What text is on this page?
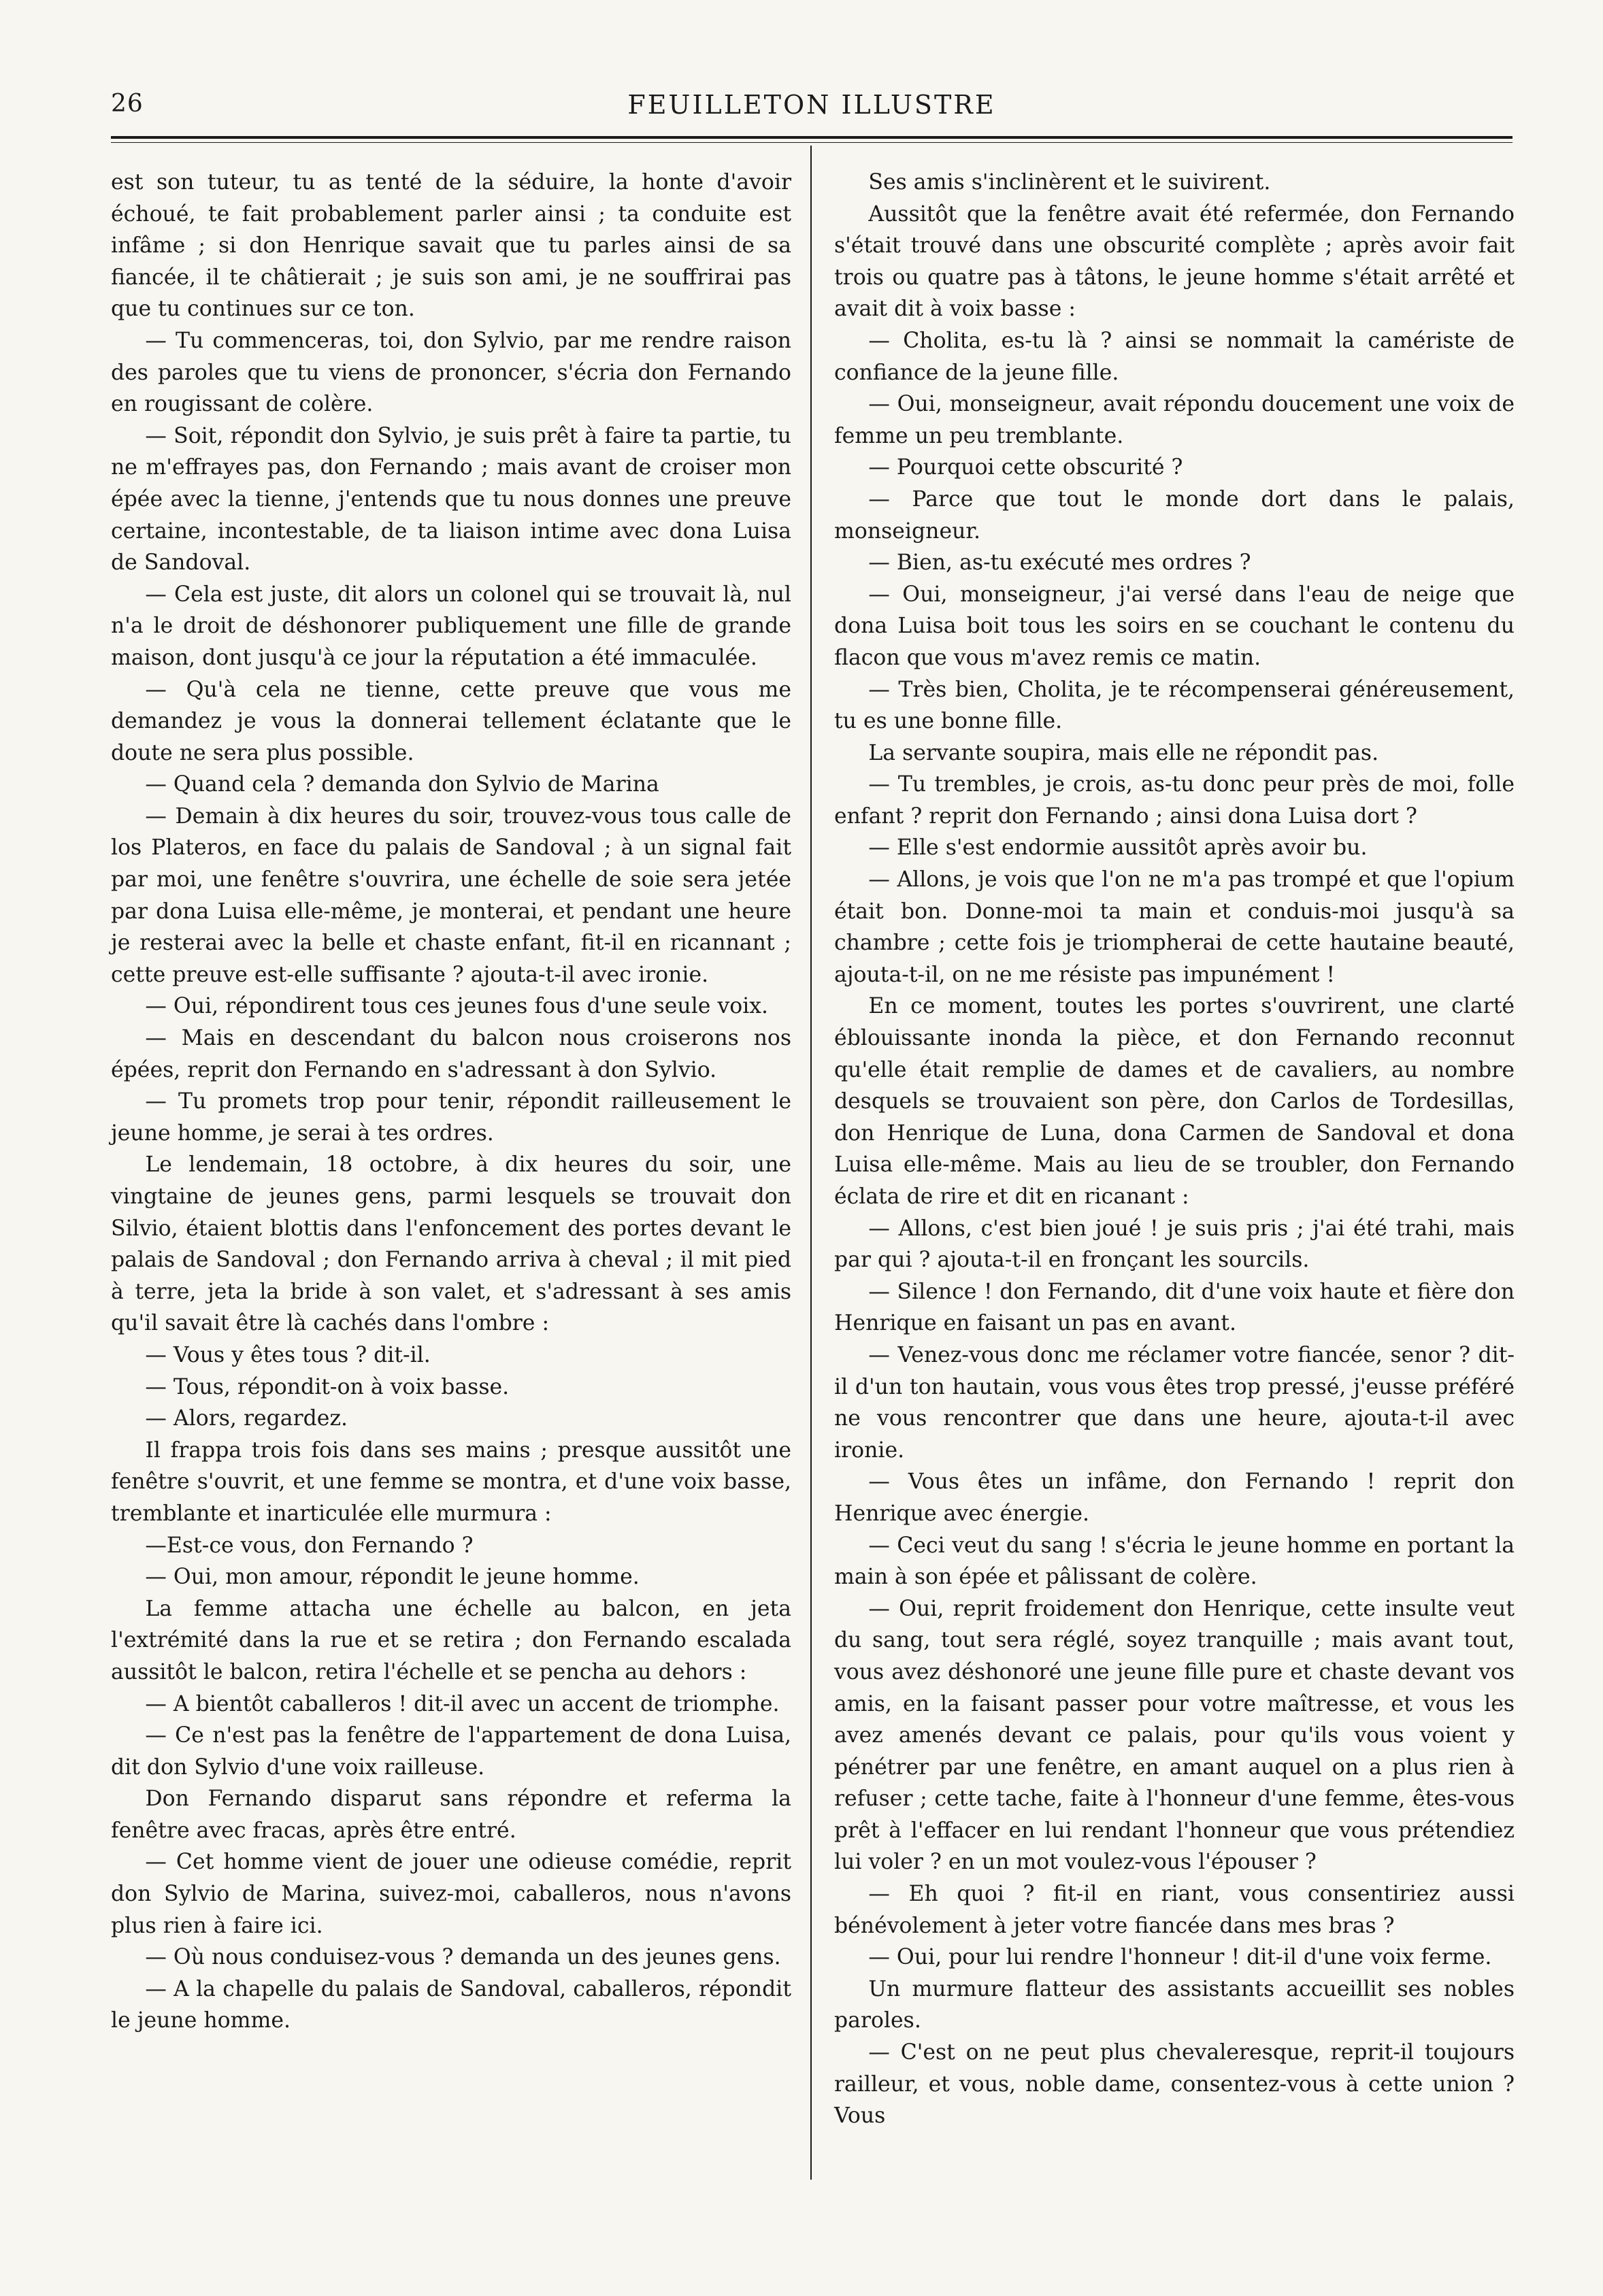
26	FEUILLETON ILLUSTRE

est son tuteur, tu as tenté de la séduire, la honte d'avoir échoué, te fait probablement parler ainsi ; ta conduite est infâme ; si don Henrique savait que tu parles ainsi de sa fiancée, il te châtierait ; je suis son ami, je ne souffrirai pas que tu continues sur ce ton.

— Tu commenceras, toi, don Sylvio, par me rendre raison des paroles que tu viens de prononcer, s'écria don Fernando en rougissant de colère.

— Soit, répondit don Sylvio, je suis prêt à faire ta partie, tu ne m'effrayes pas, don Fernando ; mais avant de croiser mon épée avec la tienne, j'entends que tu nous donnes une preuve certaine, incontestable, de ta liaison intime avec dona Luisa de Sandoval.

— Cela est juste, dit alors un colonel qui se trouvait là, nul n'a le droit de déshonorer publiquement une fille de grande maison, dont jusqu'à ce jour la réputation a été immaculée.

— Qu'à cela ne tienne, cette preuve que vous me demandez je vous la donnerai tellement éclatante que le doute ne sera plus possible.

— Quand cela ? demanda don Sylvio de Marina

— Demain à dix heures du soir, trouvez-vous tous calle de los Plateros, en face du palais de Sandoval ; à un signal fait par moi, une fenêtre s'ouvrira, une échelle de soie sera jetée par dona Luisa elle-même, je monterai, et pendant une heure je resterai avec la belle et chaste enfant, fit-il en ricannant ; cette preuve est-elle suffisante ? ajouta-t-il avec ironie.

— Oui, répondirent tous ces jeunes fous d'une seule voix.

— Mais en descendant du balcon nous croiserons nos épées, reprit don Fernando en s'adressant à don Sylvio.

— Tu promets trop pour tenir, répondit railleusement le jeune homme, je serai à tes ordres.

Le lendemain, 18 octobre, à dix heures du soir, une vingtaine de jeunes gens, parmi lesquels se trouvait don Silvio, étaient blottis dans l'enfoncement des portes devant le palais de Sandoval ; don Fernando arriva à cheval ; il mit pied à terre, jeta la bride à son valet, et s'adressant à ses amis qu'il savait être là cachés dans l'ombre :

— Vous y êtes tous ? dit-il.

— Tous, répondit-on à voix basse.

— Alors, regardez.

Il frappa trois fois dans ses mains ; presque aussitôt une fenêtre s'ouvrit, et une femme se montra, et d'une voix basse, tremblante et inarticulée elle murmura :

—Est-ce vous, don Fernando ?

— Oui, mon amour, répondit le jeune homme.

La femme attacha une échelle au balcon, en jeta l'extrémité dans la rue et se retira ; don Fernando escalada aussitôt le balcon, retira l'échelle et se pencha au dehors :

— A bientôt caballeros ! dit-il avec un accent de triomphe.

— Ce n'est pas la fenêtre de l'appartement de dona Luisa, dit don Sylvio d'une voix railleuse.

Don Fernando disparut sans répondre et referma la fenêtre avec fracas, après être entré.

— Cet homme vient de jouer une odieuse comédie, reprit don Sylvio de Marina, suivez-moi, caballeros, nous n'avons plus rien à faire ici.

— Où nous conduisez-vous ? demanda un des jeunes gens.

— A la chapelle du palais de Sandoval, caballeros, répondit le jeune homme.

Ses amis s'inclinèrent et le suivirent.

Aussitôt que la fenêtre avait été refermée, don Fernando s'était trouvé dans une obscurité complète ; après avoir fait trois ou quatre pas à tâtons, le jeune homme s'était arrêté et avait dit à voix basse :

— Cholita, es-tu là ? ainsi se nommait la camériste de confiance de la jeune fille.

— Oui, monseigneur, avait répondu doucement une voix de femme un peu tremblante.

— Pourquoi cette obscurité ?

— Parce que tout le monde dort dans le palais, monseigneur.

— Bien, as-tu exécuté mes ordres ?

— Oui, monseigneur, j'ai versé dans l'eau de neige que dona Luisa boit tous les soirs en se couchant le contenu du flacon que vous m'avez remis ce matin.

— Très bien, Cholita, je te récompenserai généreusement, tu es une bonne fille.

La servante soupira, mais elle ne répondit pas.

— Tu trembles, je crois, as-tu donc peur près de moi, folle enfant ? reprit don Fernando ; ainsi dona Luisa dort ?

— Elle s'est endormie aussitôt après avoir bu.

— Allons, je vois que l'on ne m'a pas trompé et que l'opium était bon. Donne-moi ta main et conduis-moi jusqu'à sa chambre ; cette fois je triompherai de cette hautaine beauté, ajouta-t-il, on ne me résiste pas impunément !

En ce moment, toutes les portes s'ouvrirent, une clarté éblouissante inonda la pièce, et don Fernando reconnut qu'elle était remplie de dames et de cavaliers, au nombre desquels se trouvaient son père, don Carlos de Tordesillas, don Henrique de Luna, dona Carmen de Sandoval et dona Luisa elle-même. Mais au lieu de se troubler, don Fernando éclata de rire et dit en ricanant :

— Allons, c'est bien joué ! je suis pris ; j'ai été trahi, mais par qui ? ajouta-t-il en fronçant les sourcils.

— Silence ! don Fernando, dit d'une voix haute et fière don Henrique en faisant un pas en avant.

— Venez-vous donc me réclamer votre fiancée, senor ? dit-il d'un ton hautain, vous vous êtes trop pressé, j'eusse préféré ne vous rencontrer que dans une heure, ajouta-t-il avec ironie.

— Vous êtes un infâme, don Fernando ! reprit don Henrique avec énergie.

— Ceci veut du sang ! s'écria le jeune homme en portant la main à son épée et pâlissant de colère.

— Oui, reprit froidement don Henrique, cette insulte veut du sang, tout sera réglé, soyez tranquille ; mais avant tout, vous avez déshonoré une jeune fille pure et chaste devant vos amis, en la faisant passer pour votre maîtresse, et vous les avez amenés devant ce palais, pour qu'ils vous voient y pénétrer par une fenêtre, en amant auquel on a plus rien à refuser ; cette tache, faite à l'honneur d'une femme, êtes-vous prêt à l'effacer en lui rendant l'honneur que vous prétendiez lui voler ? en un mot voulez-vous l'épouser ?

— Eh quoi ? fit-il en riant, vous consentiriez aussi bénévolement à jeter votre fiancée dans mes bras ?

— Oui, pour lui rendre l'honneur ! dit-il d'une voix ferme.

Un murmure flatteur des assistants accueillit ses nobles paroles.

— C'est on ne peut plus chevaleresque, reprit-il toujours railleur, et vous, noble dame, consentez-vous à cette union ? Vous
